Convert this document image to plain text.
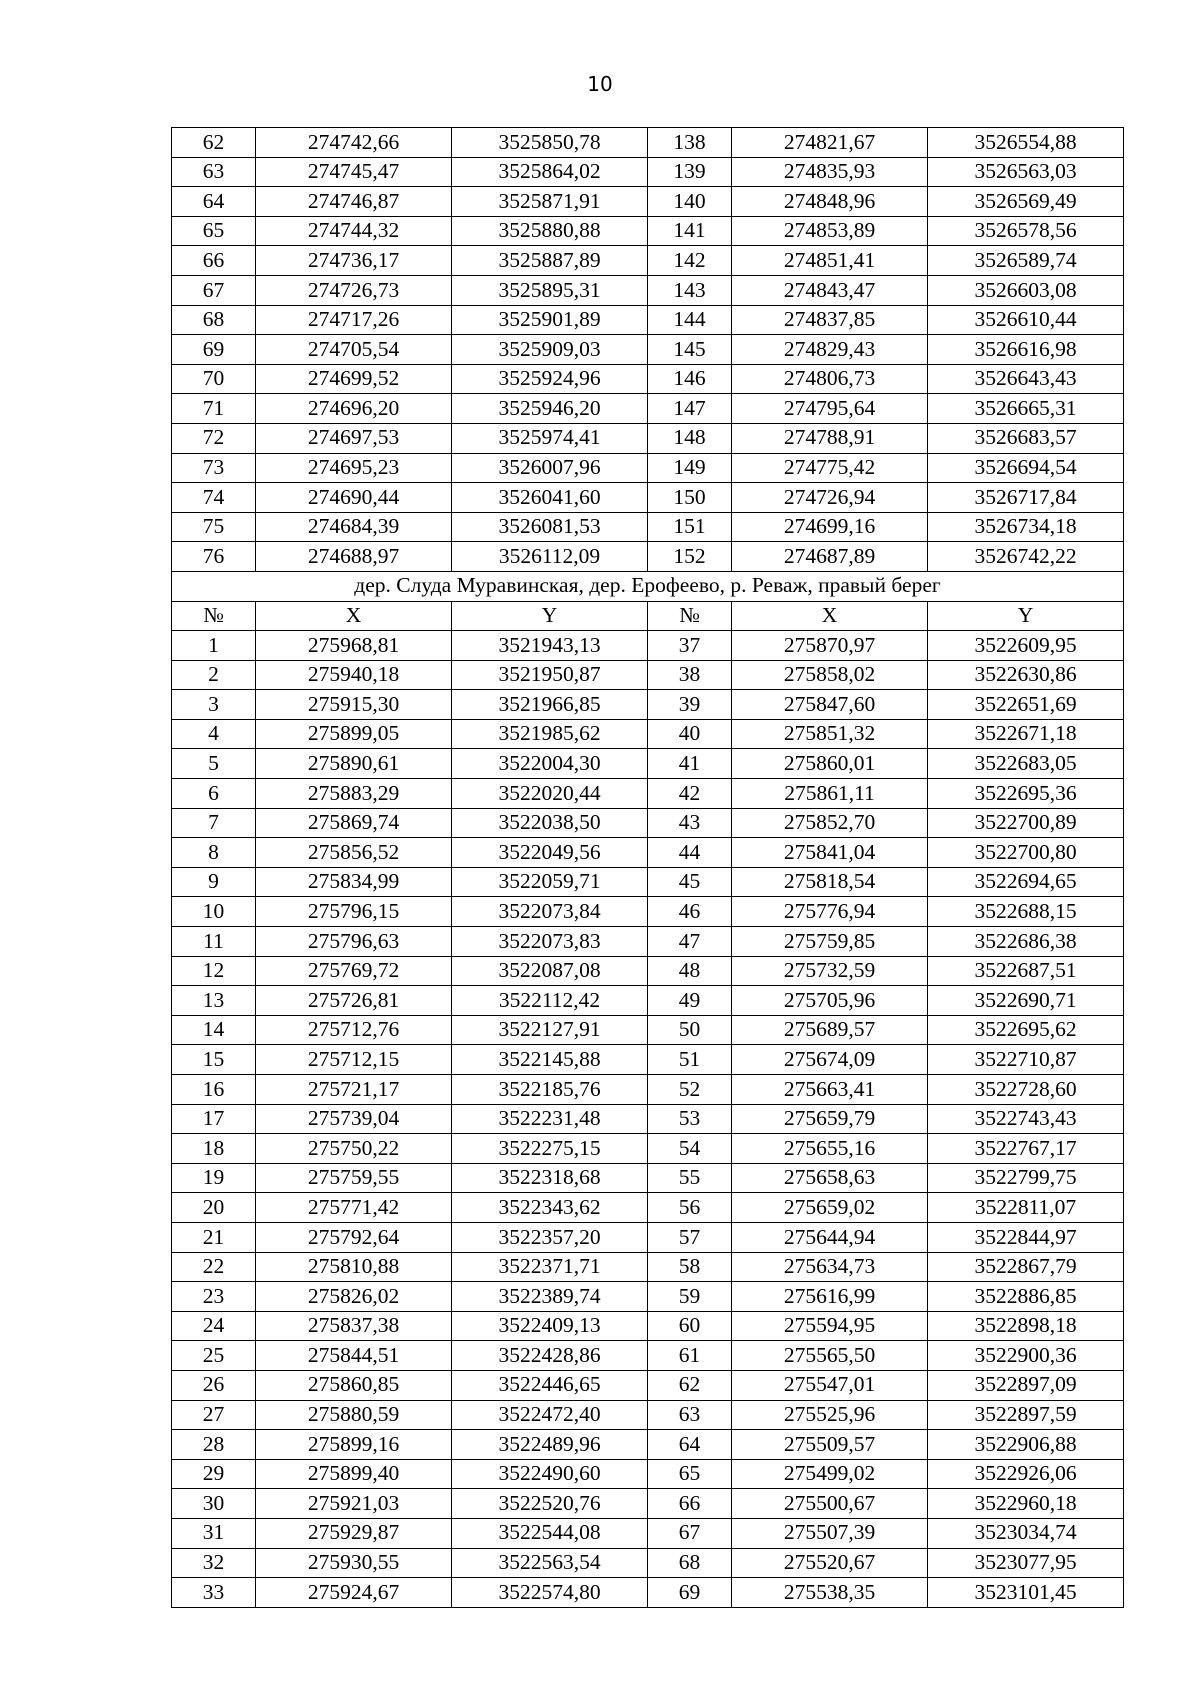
10
62	274742,66	3525850,78	138	274821,67	3526554,88
63	274745,47	3525864,02	139	274835,93	3526563,03
64	274746,87	3525871,91	140	274848,96	3526569,49
65	274744,32	3525880,88	141	274853,89	3526578,56
66	274736,17	3525887,89	142	274851,41	3526589,74
67	274726,73	3525895,31	143	274843,47	3526603,08
68	274717,26	3525901,89	144	274837,85	3526610,44
69	274705,54	3525909,03	145	274829,43	3526616,98
70	274699,52	3525924,96	146	274806,73	3526643,43
71	274696,20	3525946,20	147	274795,64	3526665,31
72	274697,53	3525974,41	148	274788,91	3526683,57
73	274695,23	3526007,96	149	274775,42	3526694,54
74	274690,44	3526041,60	150	274726,94	3526717,84
75	274684,39	3526081,53	151	274699,16	3526734,18
76	274688,97	3526112,09	152	274687,89	3526742,22
дер. Слуда Муравинская, дер. Ерофеево, р. Реваж, правый берег					
№	X	Y	№	X	Y
1	275968,81	3521943,13	37	275870,97	3522609,95
2	275940,18	3521950,87	38	275858,02	3522630,86
3	275915,30	3521966,85	39	275847,60	3522651,69
4	275899,05	3521985,62	40	275851,32	3522671,18
5	275890,61	3522004,30	41	275860,01	3522683,05
6	275883,29	3522020,44	42	275861,11	3522695,36
7	275869,74	3522038,50	43	275852,70	3522700,89
8	275856,52	3522049,56	44	275841,04	3522700,80
9	275834,99	3522059,71	45	275818,54	3522694,65
10	275796,15	3522073,84	46	275776,94	3522688,15
11	275796,63	3522073,83	47	275759,85	3522686,38
12	275769,72	3522087,08	48	275732,59	3522687,51
13	275726,81	3522112,42	49	275705,96	3522690,71
14	275712,76	3522127,91	50	275689,57	3522695,62
15	275712,15	3522145,88	51	275674,09	3522710,87
16	275721,17	3522185,76	52	275663,41	3522728,60
17	275739,04	3522231,48	53	275659,79	3522743,43
18	275750,22	3522275,15	54	275655,16	3522767,17
19	275759,55	3522318,68	55	275658,63	3522799,75
20	275771,42	3522343,62	56	275659,02	3522811,07
21	275792,64	3522357,20	57	275644,94	3522844,97
22	275810,88	3522371,71	58	275634,73	3522867,79
23	275826,02	3522389,74	59	275616,99	3522886,85
24	275837,38	3522409,13	60	275594,95	3522898,18
25	275844,51	3522428,86	61	275565,50	3522900,36
26	275860,85	3522446,65	62	275547,01	3522897,09
27	275880,59	3522472,40	63	275525,96	3522897,59
28	275899,16	3522489,96	64	275509,57	3522906,88
29	275899,40	3522490,60	65	275499,02	3522926,06
30	275921,03	3522520,76	66	275500,67	3522960,18
31	275929,87	3522544,08	67	275507,39	3523034,74
32	275930,55	3522563,54	68	275520,67	3523077,95
33	275924,67	3522574,80	69	275538,35	3523101,45
